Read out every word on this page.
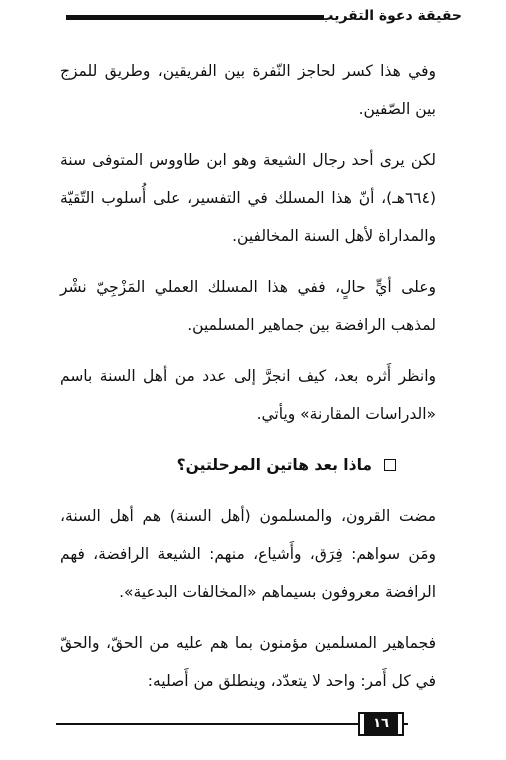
حقيقة دعوة التقريب

وفي هذا كسر لحاجز النّفرة بين الفريقين، وطريق للمزج بين الصّفين.

لكن يرى أحد رجال الشيعة وهو ابن طاووس المتوفى سنة (٦٦٤هـ)، أنّ هذا المسلك في التفسير، على أُسلوب التّقيّة والمداراة لأهل السنة المخالفين.

وعلى أيٍّ حالٍ، ففي هذا المسلك العملي المَزْجِيّ نشْر لمذهب الرافضة بين جماهير المسلمين.

وانظر أَثره بعد، كيف انجرَّ إلى عدد من أهل السنة باسم «الدراسات المقارنة» ويأتي.

ماذا بعد هاتين المرحلتين؟

مضت القرون، والمسلمون (أهل السنة) هم أهل السنة، ومَن سواهم: فِرَق، وأَشياع، منهم: الشيعة الرافضة، فهم الرافضة معروفون بسيماهم «المخالفات البدعية».

فجماهير المسلمين مؤمنون بما هم عليه من الحقّ، والحقّ في كل أَمر: واحد لا يتعدّد، وينطلق من أَصليه:

١٦
